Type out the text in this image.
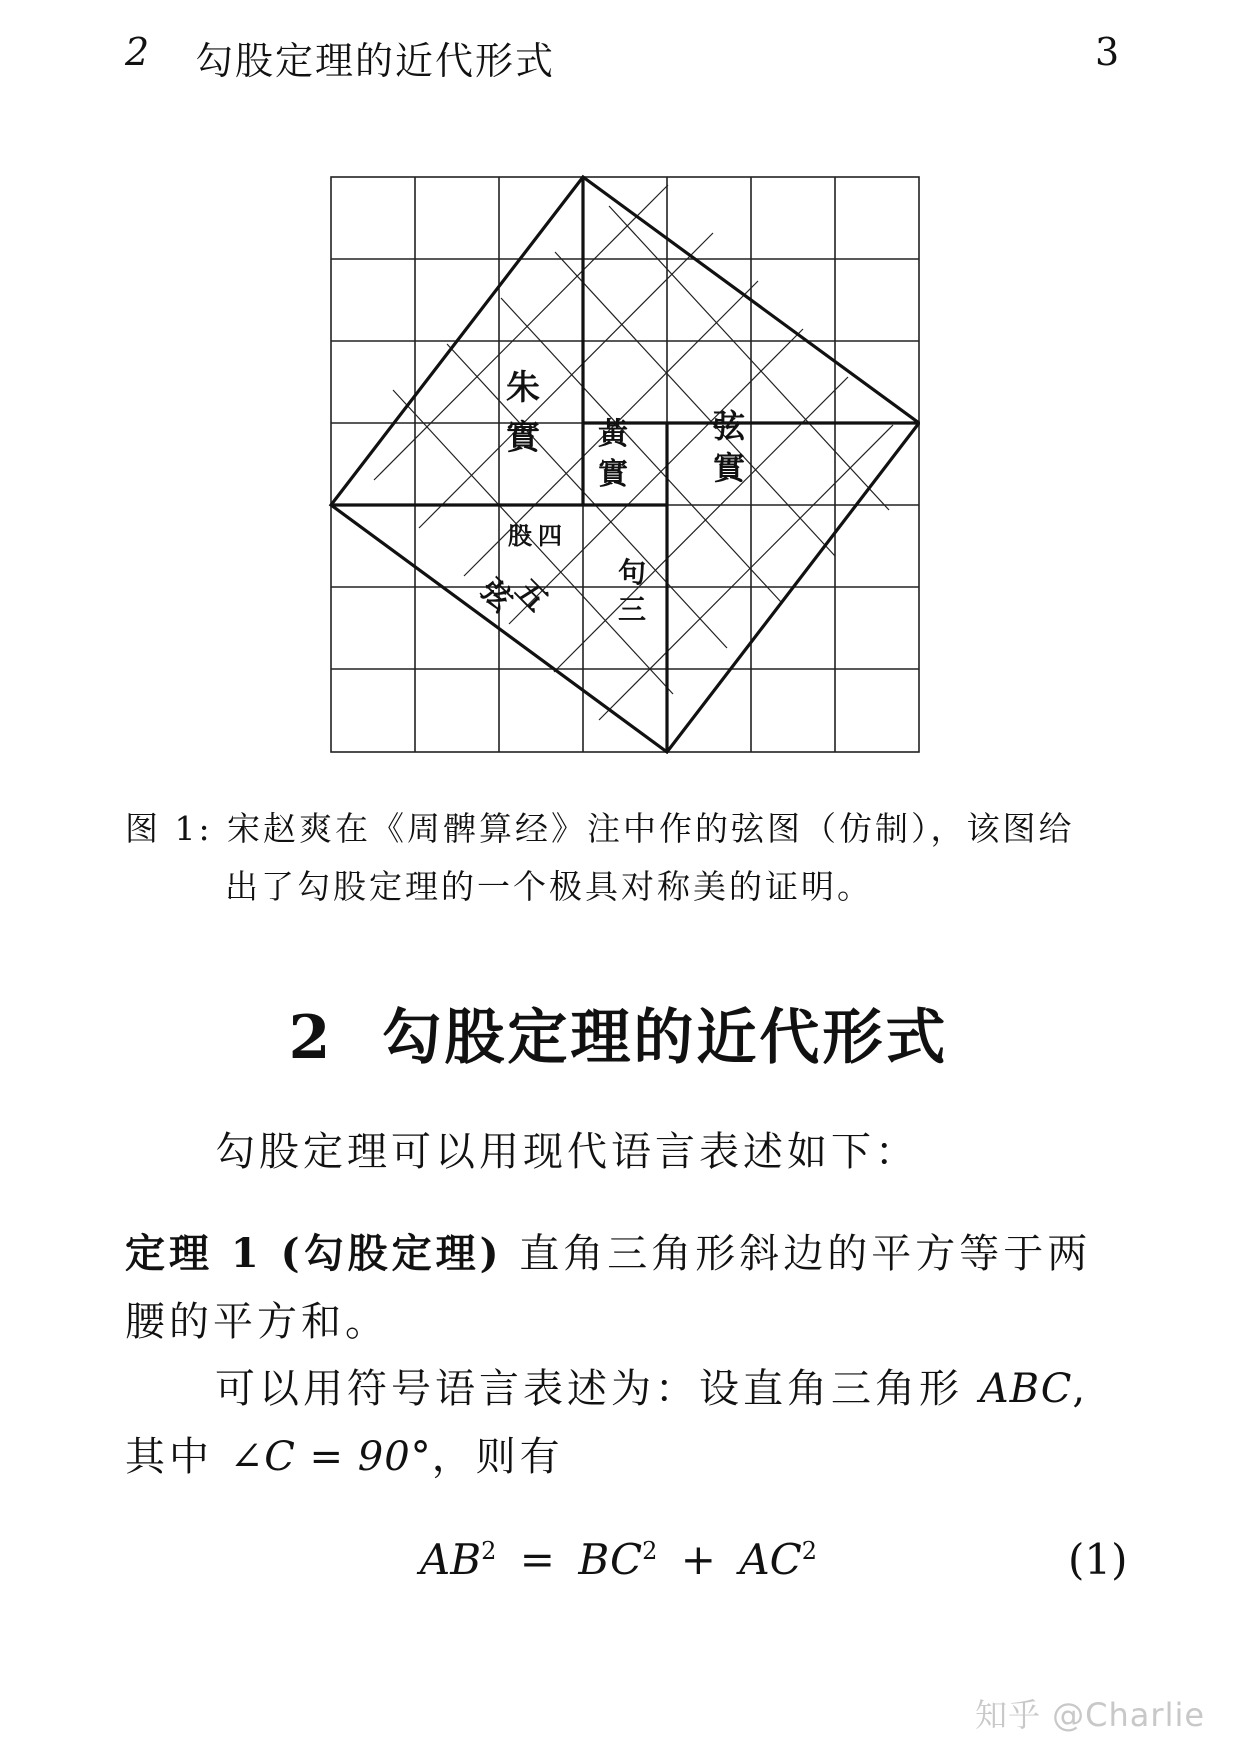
2 勾股定理的近代形式	3
朱
實 黃
實
弦
實
股 四
句
三
弦
五
图 1: 宋赵爽在《周髀算经》注中作的弦图（仿制），该图给
出了勾股定理的一个极具对称美的证明。
2 勾股定理的近代形式
勾股定理可以用现代语言表述如下：
定理 1 (勾股定理) 直角三角形斜边的平方等于两腰的平方和。
可以用符号语言表述为：设直角三角形 ABC,
其中 ∠C = 90°，则有
$AB^2 = BC^2 + AC^2$	(1)
知乎 @Charlie
